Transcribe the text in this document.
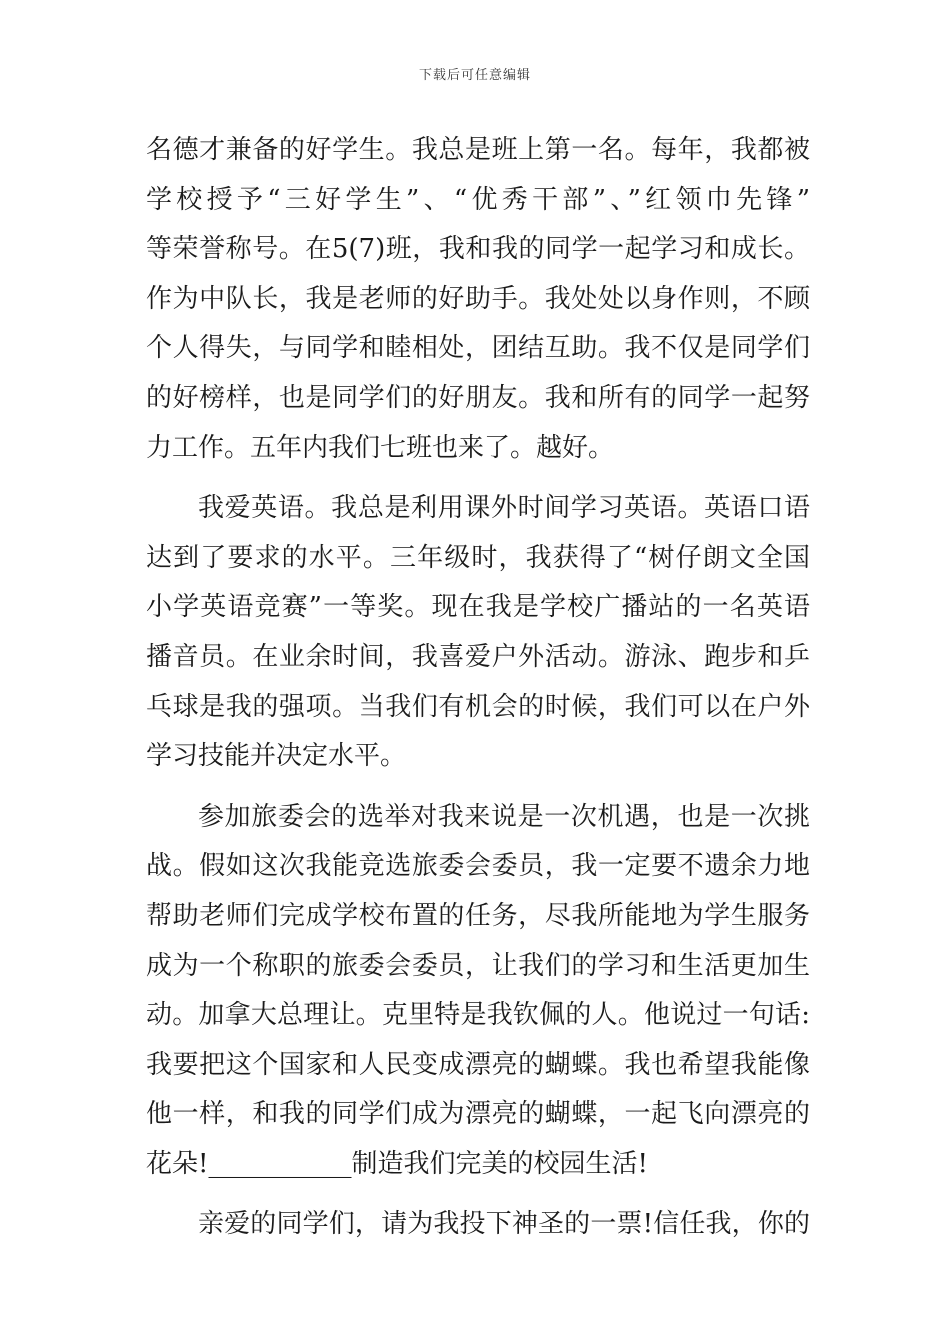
下载后可任意编辑
名德才兼备的好学生。我总是班上第一名。每年，我都被
学校授予“三好学生”、“优秀干部”、”红领巾先锋”
等荣誉称号。在5(7)班，我和我的同学一起学习和成长。
作为中队长，我是老师的好助手。我处处以身作则，不顾
个人得失，与同学和睦相处，团结互助。我不仅是同学们
的好榜样，也是同学们的好朋友。我和所有的同学一起努
力工作。五年内我们七班也来了。越好。
我爱英语。我总是利用课外时间学习英语。英语口语
达到了要求的水平。三年级时，我获得了“树仔朗文全国
小学英语竞赛”一等奖。现在我是学校广播站的一名英语
播音员。在业余时间，我喜爱户外活动。游泳、跑步和乒
乓球是我的强项。当我们有机会的时候，我们可以在户外
学习技能并决定水平。
参加旅委会的选举对我来说是一次机遇，也是一次挑
战。假如这次我能竞选旅委会委员，我一定要不遗余力地
帮助老师们完成学校布置的任务，尽我所能地为学生服务
成为一个称职的旅委会委员，让我们的学习和生活更加生
动。加拿大总理让。克里特是我钦佩的人。他说过一句话:
我要把这个国家和人民变成漂亮的蝴蝶。我也希望我能像
他一样，和我的同学们成为漂亮的蝴蝶，一起飞向漂亮的
花朵!___________制造我们完美的校园生活!
亲爱的同学们，请为我投下神圣的一票!信任我，你的
